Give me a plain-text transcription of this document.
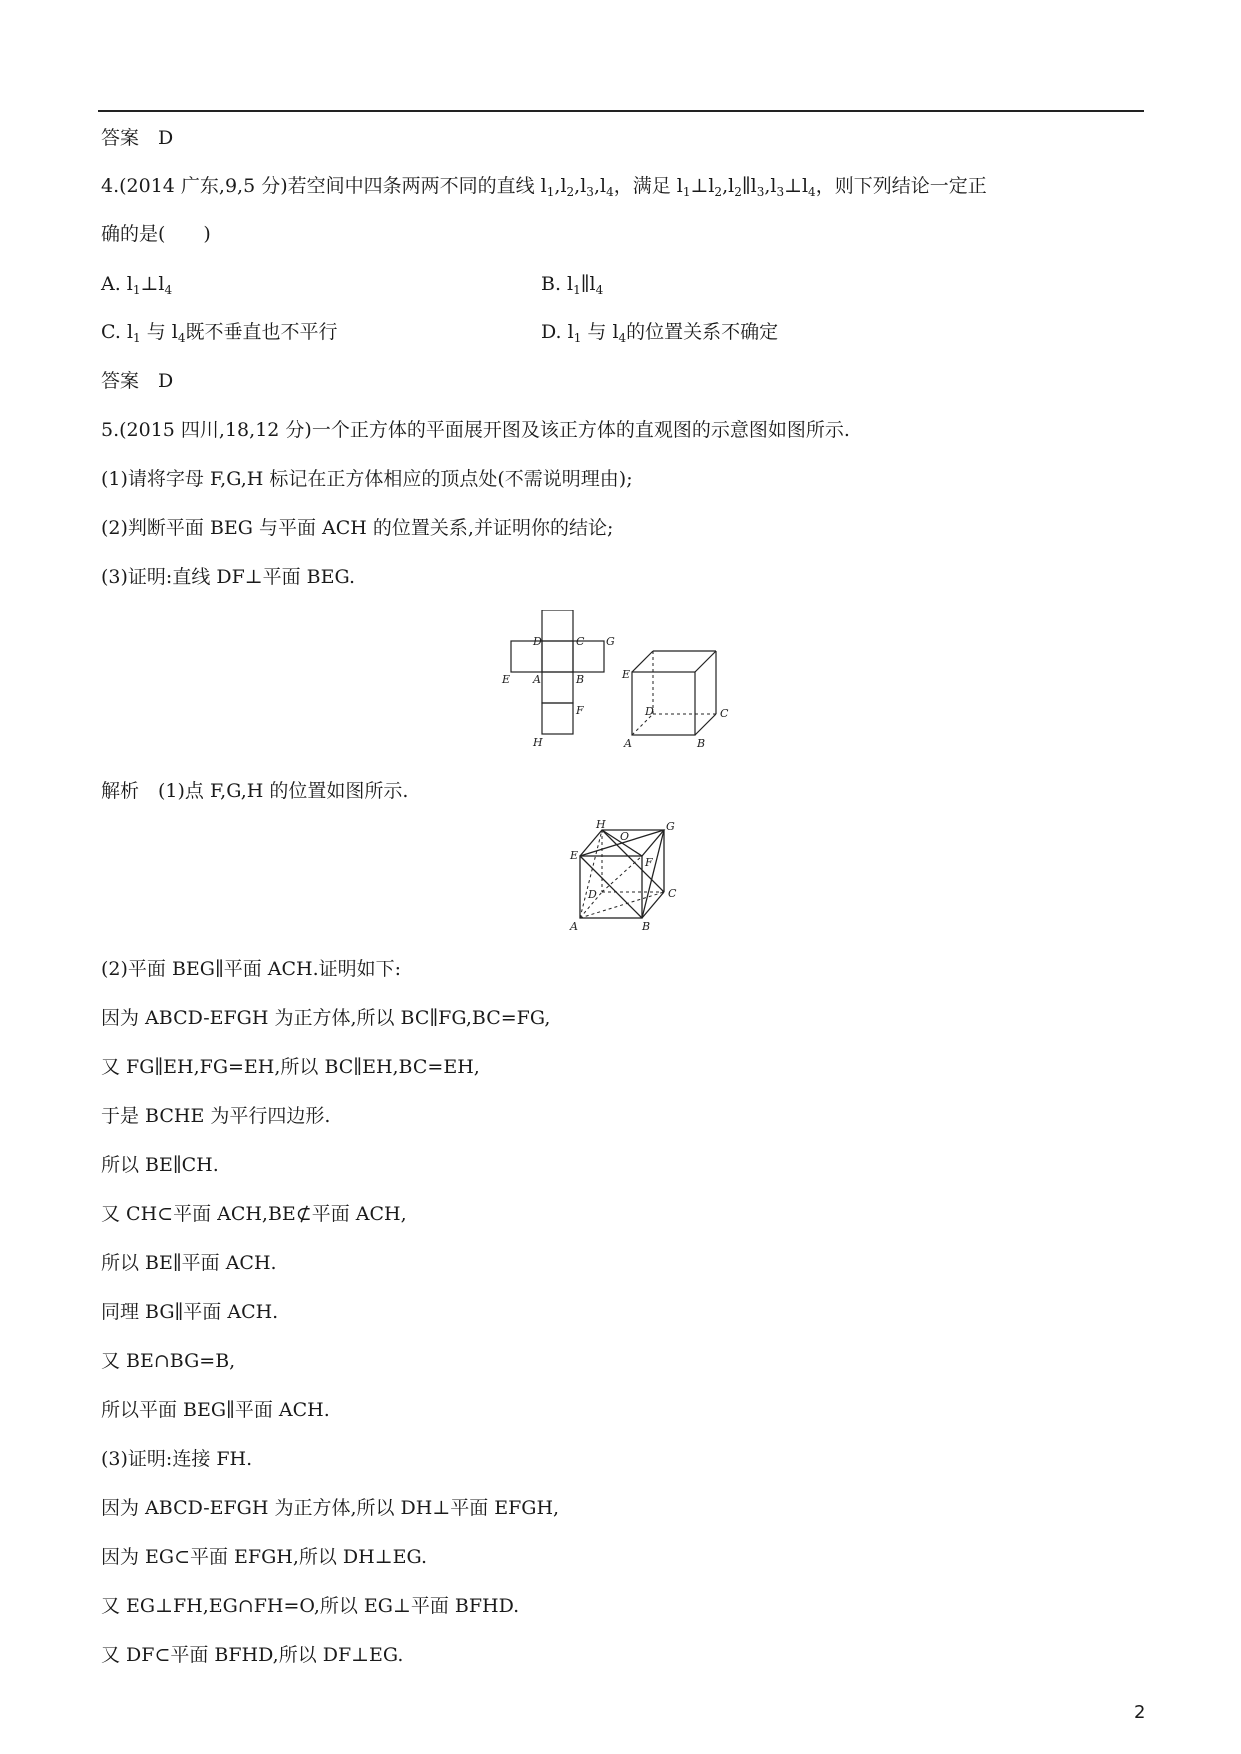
答案　D
4.(2014 广东,9,5 分)若空间中四条两两不同的直线 $l_1,l_2,l_3,l_4$，满足 $l_1\perp l_2,l_2\parallel l_3,l_3\perp l_4$，则下列结论一定正
确的是(　　)
A. $l_1\perp l_4$	B. $l_1\parallel l_4$
C. $l_1$ 与 $l_4$既不垂直也不平行	D. $l_1$ 与 $l_4$的位置关系不确定
答案　D
5.(2015 四川,18,12 分)一个正方体的平面展开图及该正方体的直观图的示意图如图所示.
(1)请将字母 F,G,H 标记在正方体相应的顶点处(不需说明理由);
(2)判断平面 BEG 与平面 ACH 的位置关系,并证明你的结论;
(3)证明:直线 DF⊥平面 BEG.
D	C G
E A	B
F
H
E
D	C
A	B
解析　(1)点 F,G,H 的位置如图所示.
H
O
G
E
F
D	C
A	B
(2)平面 BEG∥平面 ACH.证明如下:
因为 ABCD-EFGH 为正方体,所以 BC∥FG,BC=FG,
又 FG∥EH,FG=EH,所以 BC∥EH,BC=EH,
于是 BCHE 为平行四边形.
所以 BE∥CH.
又 CH⊂平面 ACH,BE⊄平面 ACH,
所以 BE∥平面 ACH.
同理 BG∥平面 ACH.
又 BE∩BG=B,
所以平面 BEG∥平面 ACH.
(3)证明:连接 FH.
因为 ABCD-EFGH 为正方体,所以 DH⊥平面 EFGH,
因为 EG⊂平面 EFGH,所以 DH⊥EG.
又 EG⊥FH,EG∩FH=O,所以 EG⊥平面 BFHD.
又 DF⊂平面 BFHD,所以 DF⊥EG.
2
